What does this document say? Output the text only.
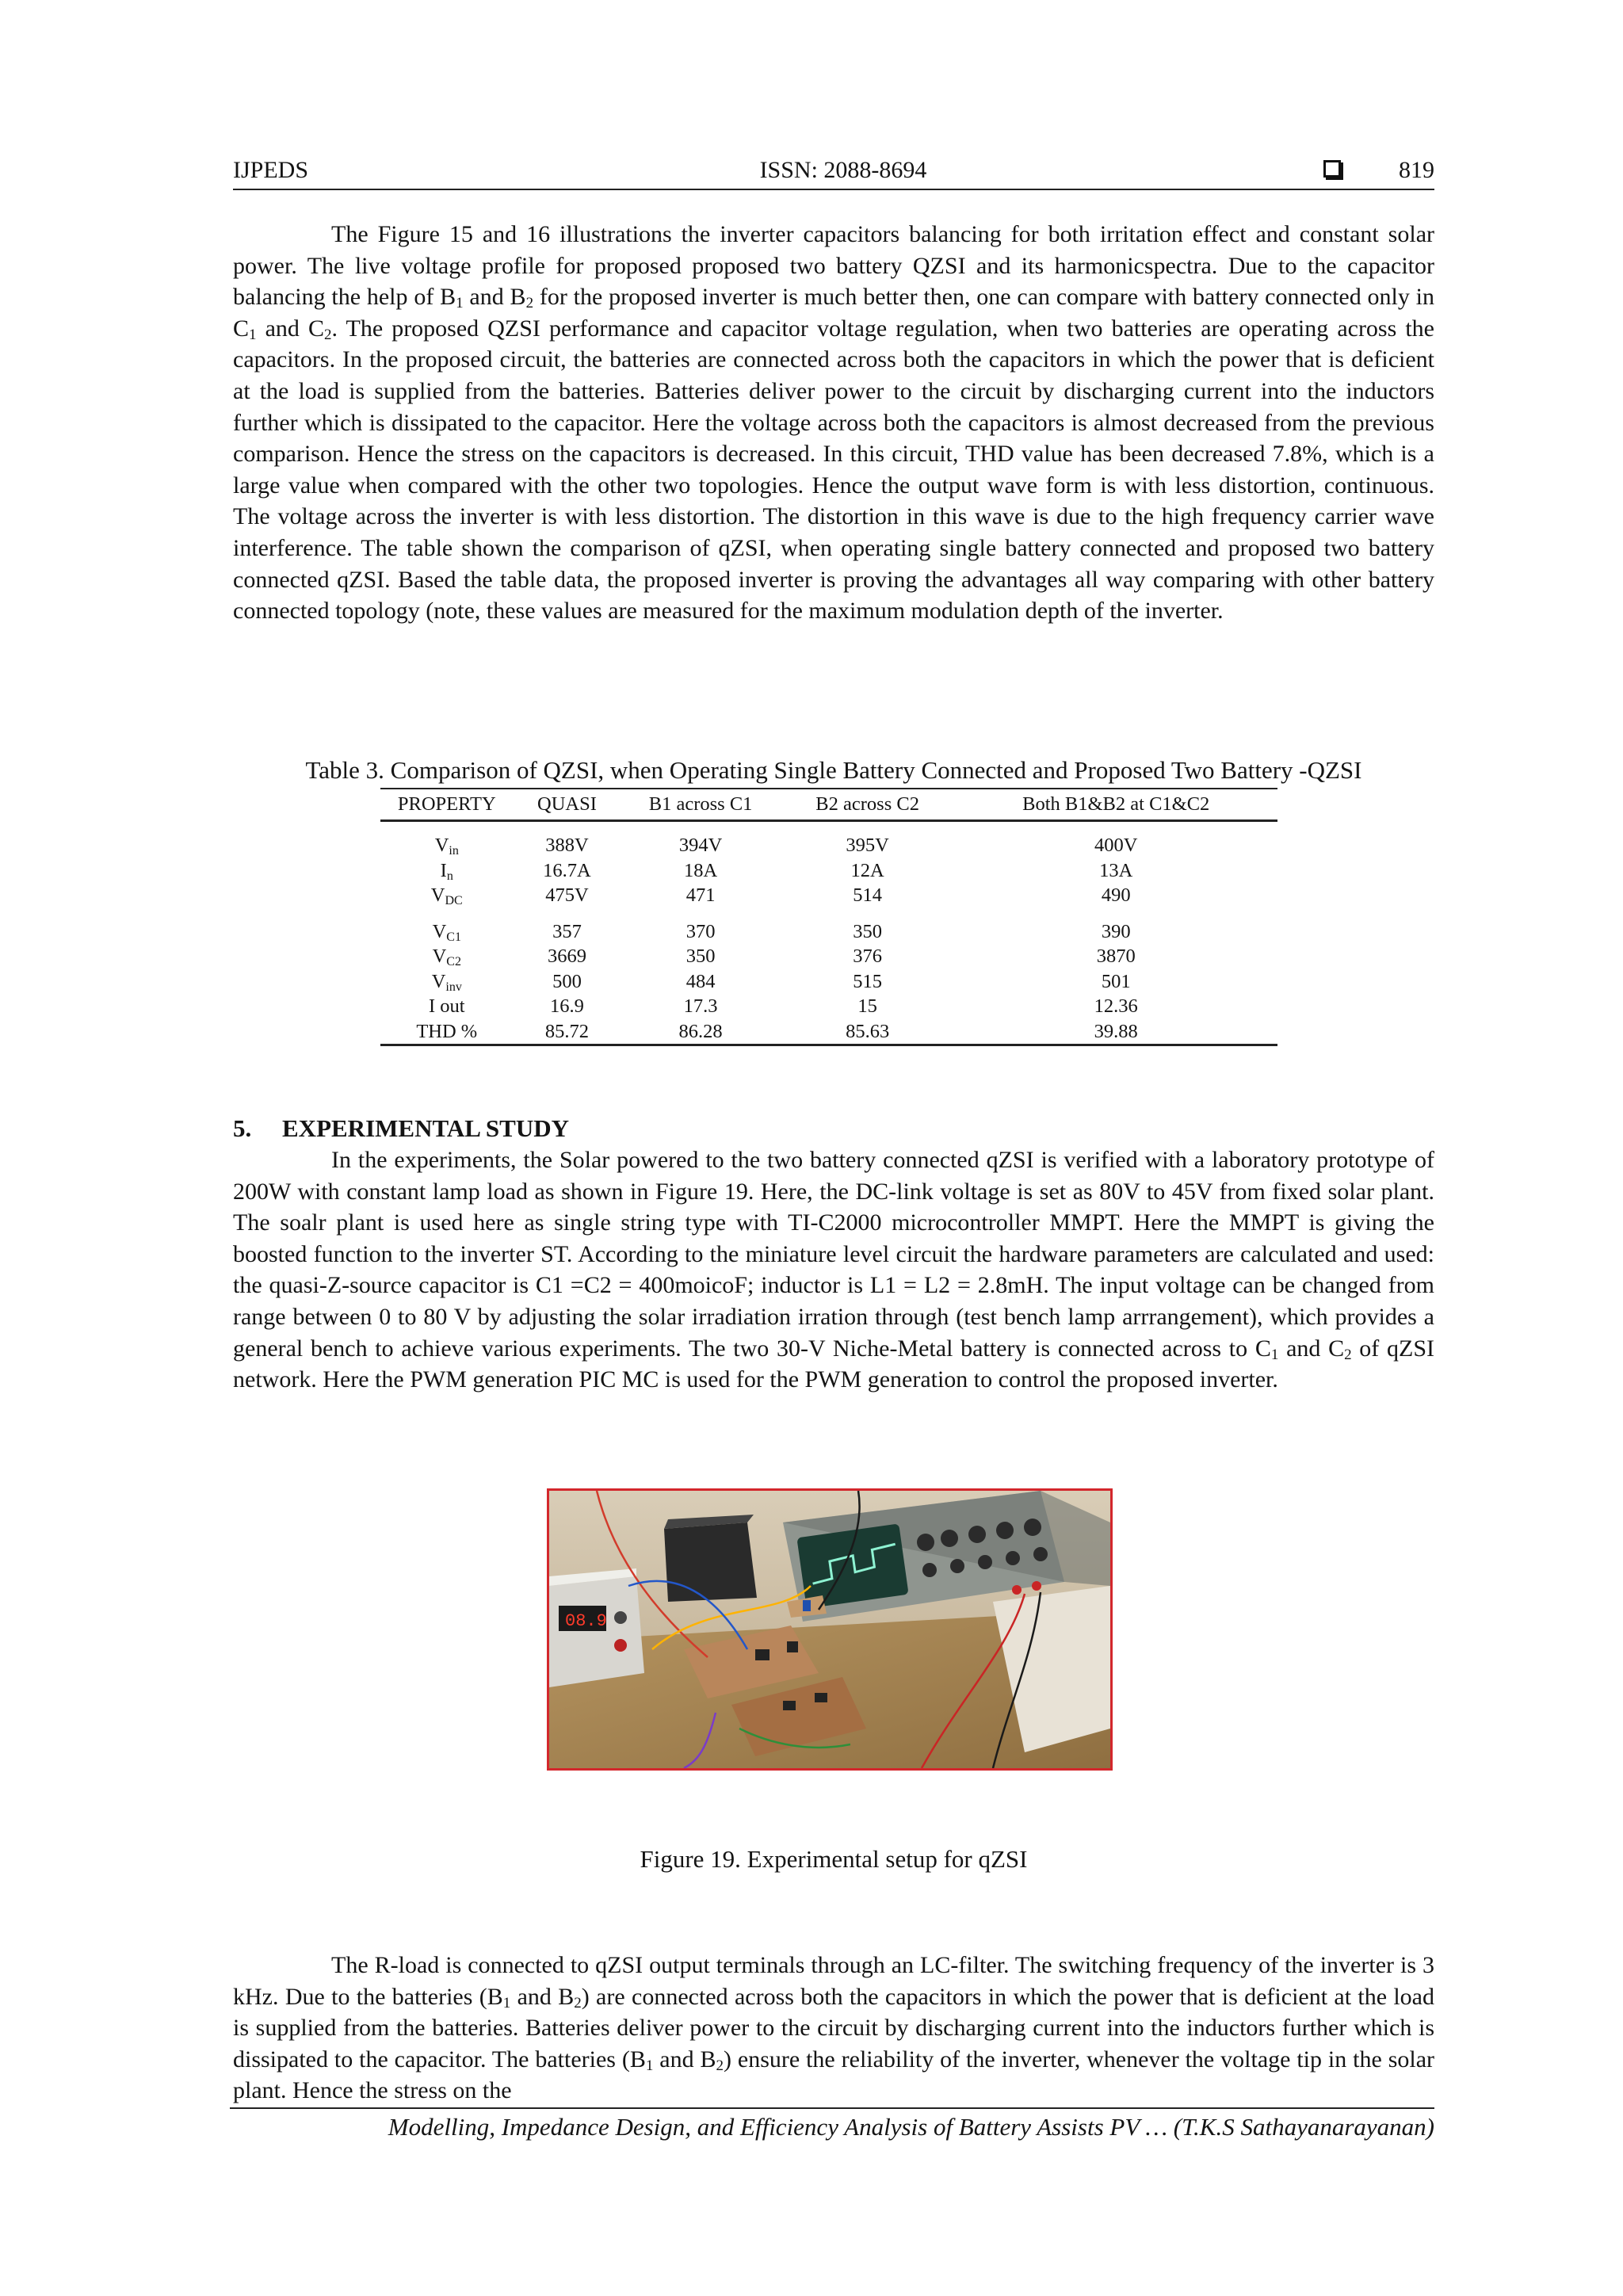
IJPEDS	ISSN: 2088-8694	819

The Figure 15 and 16 illustrations the inverter capacitors balancing for both irritation effect and constant solar power. The live voltage profile for proposed proposed two battery QZSI and its harmonicspectra. Due to the capacitor balancing the help of $B_1$ and $B_2$ for the proposed inverter is much better then, one can compare with battery connected only in $C_1$ and $C_2$. The proposed QZSI performance and capacitor voltage regulation, when two batteries are operating across the capacitors. In the proposed circuit, the batteries are connected across both the capacitors in which the power that is deficient at the load is supplied from the batteries. Batteries deliver power to the circuit by discharging current into the inductors further which is dissipated to the capacitor. Here the voltage across both the capacitors is almost decreased from the previous comparison. Hence the stress on the capacitors is decreased. In this circuit, THD value has been decreased 7.8%, which is a large value when compared with the other two topologies. Hence the output wave form is with less distortion, continuous. The voltage across the inverter is with less distortion. The distortion in this wave is due to the high frequency carrier wave interference. The table shown the comparison of qZSI, when operating single battery connected and proposed two battery connected qZSI. Based the table data, the proposed inverter is proving the advantages all way comparing with other battery connected topology (note, these values are measured for the maximum modulation depth of the inverter.

Table 3. Comparison of QZSI, when Operating Single Battery Connected and Proposed Two Battery -QZSI

PROPERTY	QUASI	B1 across C1	B2 across C2	Both B1&B2 at C1&C2

$V_{in}$	388V	394V	395V	400V
$I_n$	16.7A	18A	12A	13A
$V_{DC}$	475V	471	514	490

$V_{C1}$	357	370	350	390
$V_{C2}$	3669	350	376	3870
$V_{inv}$	500	484	515	501
I out	16.9	17.3	15	12.36
THD %	85.72	86.28	85.63	39.88
5. EXPERIMENTAL STUDY

In the experiments, the Solar powered to the two battery connected qZSI is verified with a laboratory prototype of 200W with constant lamp load as shown in Figure 19. Here, the DC-link voltage is set as 80V to 45V from fixed solar plant. The soalr plant is used here as single string type with TI-C2000 microcontroller MMPT. Here the MMPT is giving the boosted function to the inverter ST. According to the miniature level circuit the hardware parameters are calculated and used: the quasi-Z-source capacitor is C1 =C2 = 400moicoF; inductor is L1 = L2 = 2.8mH. The input voltage can be changed from range between 0 to 80 V by adjusting the solar irradiation irration through (test bench lamp arrrangement), which provides a general bench to achieve various experiments. The two 30-V Niche-Metal battery is connected across to $C_1$ and $C_2$ of qZSI network. Here the PWM generation PIC MC is used for the PWM generation to control the proposed inverter.

08.9

Figure 19. Experimental setup for qZSI

The R-load is connected to qZSI output terminals through an LC-filter. The switching frequency of the inverter is 3 kHz. Due to the batteries ($B_1$ and $B_2$) are connected across both the capacitors in which the power that is deficient at the load is supplied from the batteries. Batteries deliver power to the circuit by discharging current into the inductors further which is dissipated to the capacitor. The batteries ($B_1$ and $B_2$) ensure the reliability of the inverter, whenever the voltage tip in the solar plant. Hence the stress on the

Modelling, Impedance Design, and Efficiency Analysis of Battery Assists PV … (T.K.S Sathayanarayanan)
